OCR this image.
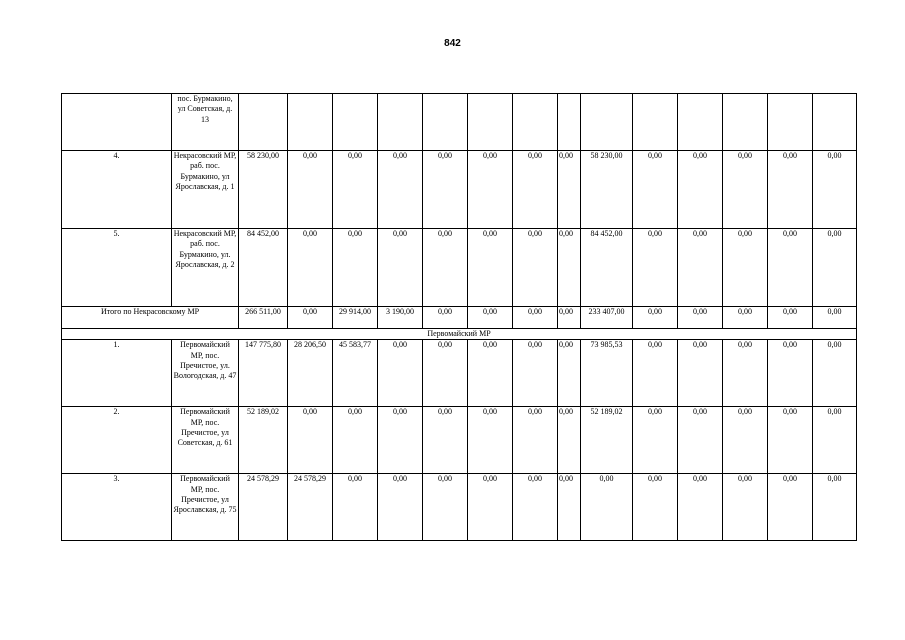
842
	пос. Бурмакино, ул Советская, д. 13														
4.	Некрасовский МР, раб. пос. Бурмакино, ул Ярославская, д. 1	58 230,00	0,00	0,00	0,00	0,00	0,00	0,00	0,00	58 230,00	0,00	0,00	0,00	0,00	0,00
5.	Некрасовский МР, раб. пос. Бурмакино, ул. Ярославская, д. 2	84 452,00	0,00	0,00	0,00	0,00	0,00	0,00	0,00	84 452,00	0,00	0,00	0,00	0,00	0,00
Итого по Некрасовскому МР		266 511,00	0,00	29 914,00	3 190,00	0,00	0,00	0,00	0,00	233 407,00	0,00	0,00	0,00	0,00	0,00
Первомайский МР															
1.	Первомайский МР, пос. Пречистое, ул. Вологодская, д. 47	147 775,80	28 206,50	45 583,77	0,00	0,00	0,00	0,00	0,00	73 985,53	0,00	0,00	0,00	0,00	0,00
2.	Первомайский МР, пос. Пречистое, ул Советская, д. 61	52 189,02	0,00	0,00	0,00	0,00	0,00	0,00	0,00	52 189,02	0,00	0,00	0,00	0,00	0,00
3.	Первомайский МР, пос. Пречистое, ул Ярославская, д. 75	24 578,29	24 578,29	0,00	0,00	0,00	0,00	0,00	0,00	0,00	0,00	0,00	0,00	0,00	0,00
